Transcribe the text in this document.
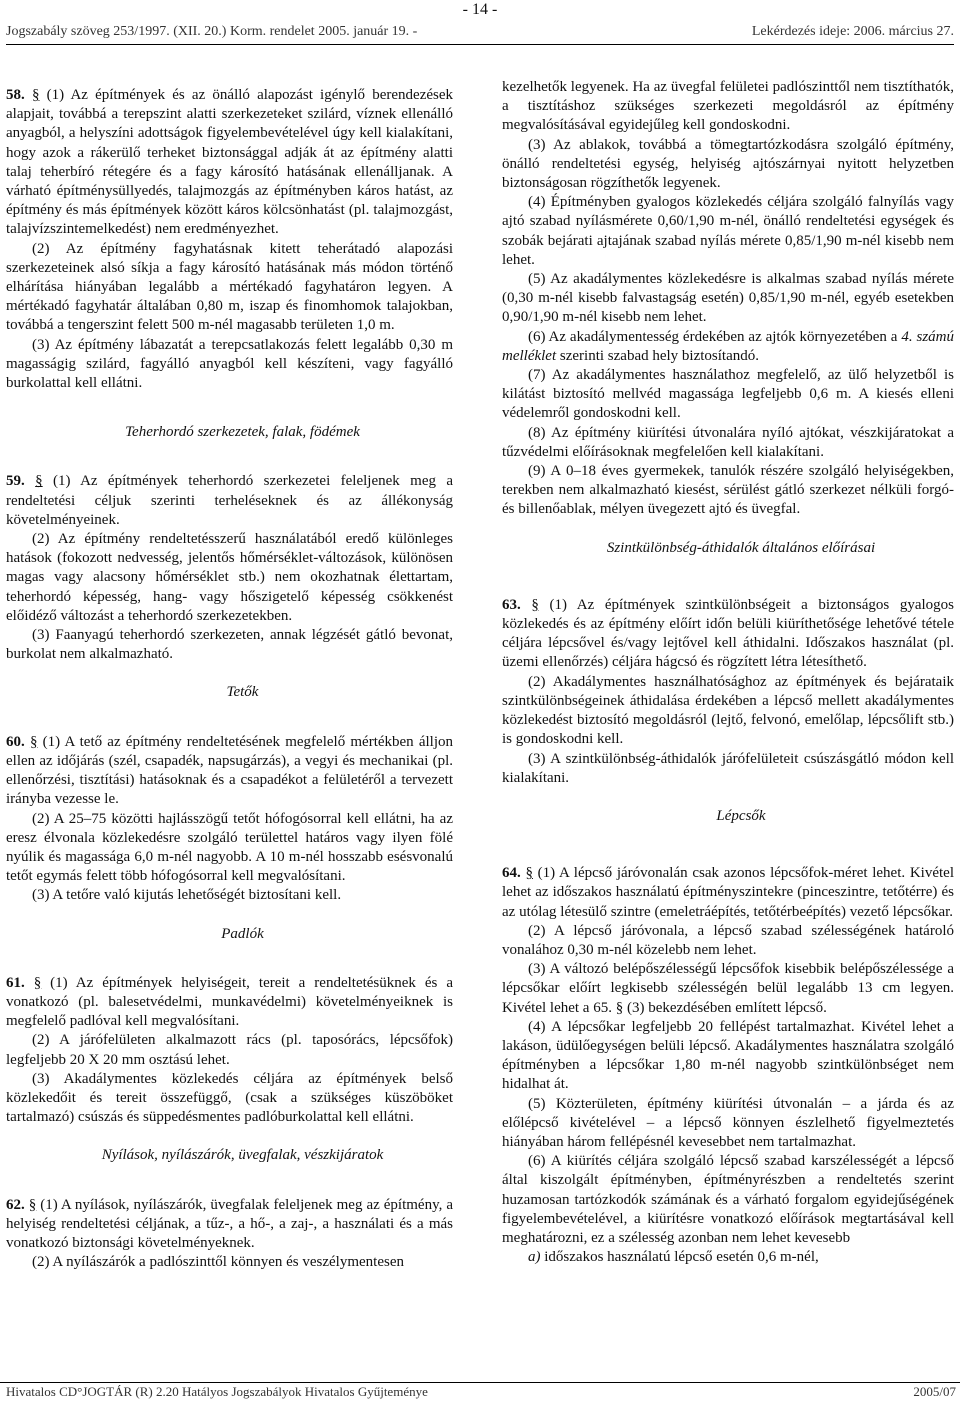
- 14 -
Jogszabály szöveg 253/1997. (XII. 20.) Korm. rendelet 2005. január 19. -	Lekérdezés ideje: 2006. március 27.

58. § (1) Az építmények és az önálló alapozást igénylő berendezések alapjait, továbbá a terepszint alatti szerkezeteket szilárd, víznek ellenálló anyagból, a helyszíni adottságok figyelembevételével úgy kell kialakítani, hogy azok a rákerülő terheket biztonsággal adják át az építmény alatti talaj teherbíró rétegére és a fagy károsító hatásának ellenálljanak. A várható építménysüllyedés, talajmozgás az építményben káros hatást, az építmény és más építmények között káros kölcsönhatást (pl. talajmozgást, talajvízszintemelkedést) nem eredményezhet.

(2) Az építmény fagyhatásnak kitett teherátadó alapozási szerkezeteinek alsó síkja a fagy károsító hatásának más módon történő elhárítása hiányában legalább a mértékadó fagyhatáron legyen. A mértékadó fagyhatár általában 0,80 m, iszap és finomhomok talajokban, továbbá a tengerszint felett 500 m-nél magasabb területen 1,0 m.

(3) Az építmény lábazatát a terepcsatlakozás felett legalább 0,30 m magasságig szilárd, fagyálló anyagból kell készíteni, vagy fagyálló burkolattal kell ellátni.

Teherhordó szerkezetek, falak, födémek

59. § (1) Az építmények teherhordó szerkezetei feleljenek meg a rendeltetési céljuk szerinti terheléseknek és az állékonyság követelményeinek.

(2) Az építmény rendeltetésszerű használatából eredő különleges hatások (fokozott nedvesség, jelentős hőmérséklet-változások, különösen magas vagy alacsony hőmérséklet stb.) nem okozhatnak élettartam, teherhordó képesség, hang- vagy hőszigetelő képesség csökkenést előidéző változást a teherhordó szerkezetekben.

(3) Faanyagú teherhordó szerkezeten, annak légzését gátló bevonat, burkolat nem alkalmazható.

Tetők

60. § (1) A tető az építmény rendeltetésének megfelelő mértékben álljon ellen az időjárás (szél, csapadék, napsugárzás), a vegyi és mechanikai (pl. ellenőrzési, tisztítási) hatásoknak és a csapadékot a felületéről a tervezett irányba vezesse le.

(2) A 25–75 közötti hajlásszögű tetőt hófogósorral kell ellátni, ha az eresz élvonala közlekedésre szolgáló területtel határos vagy ilyen fölé nyúlik és magassága 6,0 m-nél nagyobb. A 10 m-nél hosszabb esésvonalú tetőt egymás felett több hófogósorral kell megvalósítani.

(3) A tetőre való kijutás lehetőségét biztosítani kell.

Padlók

61. § (1) Az építmények helyiségeit, tereit a rendeltetésüknek és a vonatkozó (pl. balesetvédelmi, munkavédelmi) követelményeiknek is megfelelő padlóval kell megvalósítani.

(2) A járófelületen alkalmazott rács (pl. taposórács, lépcsőfok) legfeljebb 20 X 20 mm osztású lehet.

(3) Akadálymentes közlekedés céljára az építmények belső közlekedőit és tereit összefüggő, (csak a szükséges küszöböket tartalmazó) csúszás és süppedésmentes padlóburkolattal kell ellátni.

Nyílások, nyílászárók, üvegfalak, vészkijáratok

62. § (1) A nyílások, nyílászárók, üvegfalak feleljenek meg az építmény, a helyiség rendeltetési céljának, a tűz-, a hő-, a zaj-, a használati és a más vonatkozó biztonsági követelményeknek.

(2) A nyílászárók a padlószinttől könnyen és veszélymentesen

kezelhetők legyenek. Ha az üvegfal felületei padlószinttől nem tisztíthatók, a tisztításhoz szükséges szerkezeti megoldásról az építmény megvalósításával egyidejűleg kell gondoskodni.

(3) Az ablakok, továbbá a tömegtartózkodásra szolgáló építmény, önálló rendeltetési egység, helyiség ajtószárnyai nyitott helyzetben biztonságosan rögzíthetők legyenek.

(4) Építményben gyalogos közlekedés céljára szolgáló falnyílás vagy ajtó szabad nyílásmérete 0,60/1,90 m-nél, önálló rendeltetési egységek és szobák bejárati ajtajának szabad nyílás mérete 0,85/1,90 m-nél kisebb nem lehet.

(5) Az akadálymentes közlekedésre is alkalmas szabad nyílás mérete (0,30 m-nél kisebb falvastagság esetén) 0,85/1,90 m-nél, egyéb esetekben 0,90/1,90 m-nél kisebb nem lehet.

(6) Az akadálymentesség érdekében az ajtók környezetében a 4. számú melléklet szerinti szabad hely biztosítandó.

(7) Az akadálymentes használathoz megfelelő, az ülő helyzetből is kilátást biztosító mellvéd magassága legfeljebb 0,6 m. A kiesés elleni védelemről gondoskodni kell.

(8) Az építmény kiürítési útvonalára nyíló ajtókat, vészkijáratokat a tűzvédelmi előírásoknak megfelelően kell kialakítani.

(9) A 0–18 éves gyermekek, tanulók részére szolgáló helyiségekben, terekben nem alkalmazható kiesést, sérülést gátló szerkezet nélküli forgó- és billenőablak, mélyen üvegezett ajtó és üvegfal.

Szintkülönbség-áthidalók általános előírásai

63. § (1) Az építmények szintkülönbségeit a biztonságos gyalogos közlekedés és az építmény előírt időn belüli kiüríthetősége lehetővé tétele céljára lépcsővel és/vagy lejtővel kell áthidalni. Időszakos használat (pl. üzemi ellenőrzés) céljára hágcsó és rögzített létra létesíthető.

(2) Akadálymentes használhatósághoz az építmények és bejárataik szintkülönbségeinek áthidalása érdekében a lépcső mellett akadálymentes közlekedést biztosító megoldásról (lejtő, felvonó, emelőlap, lépcsőlift stb.) is gondoskodni kell.

(3) A szintkülönbség-áthidalók járófelületeit csúszásgátló módon kell kialakítani.

Lépcsők

64. § (1) A lépcső járóvonalán csak azonos lépcsőfok-méret lehet. Kivétel lehet az időszakos használatú építményszintekre (pinceszintre, tetőtérre) és az utólag létesülő szintre (emeletráépítés, tetőtérbeépítés) vezető lépcsőkar.

(2) A lépcső járóvonala, a lépcső szabad szélességének határoló vonalához 0,30 m-nél közelebb nem lehet.

(3) A változó belépőszélességű lépcsőfok kisebbik belépőszélessége a lépcsőkar előírt legkisebb szélességén belül legalább 13 cm legyen. Kivétel lehet a 65. § (3) bekezdésében említett lépcső.

(4) A lépcsőkar legfeljebb 20 fellépést tartalmazhat. Kivétel lehet a lakáson, üdülőegységen belüli lépcső. Akadálymentes használatra szolgáló építményben a lépcsőkar 1,80 m-nél nagyobb szintkülönbséget nem hidalhat át.

(5) Közterületen, építmény kiürítési útvonalán – a járda és az előlépcső kivételével – a lépcső könnyen észlelhető figyelmeztetés hiányában három fellépésnél kevesebbet nem tartalmazhat.

(6) A kiürítés céljára szolgáló lépcső szabad karszélességét a lépcső által kiszolgált építményben, építményrészben a rendeltetés szerint huzamosan tartózkodók számának és a várható forgalom egyidejűségének figyelembevételével, a kiürítésre vonatkozó előírások megtartásával kell meghatározni, ez a szélesség azonban nem lehet kevesebb

a) időszakos használatú lépcső esetén 0,6 m-nél,

Hivatalos CD°JOGTÁR (R) 2.20 Hatályos Jogszabályok Hivatalos Gyűjteménye	2005/07
